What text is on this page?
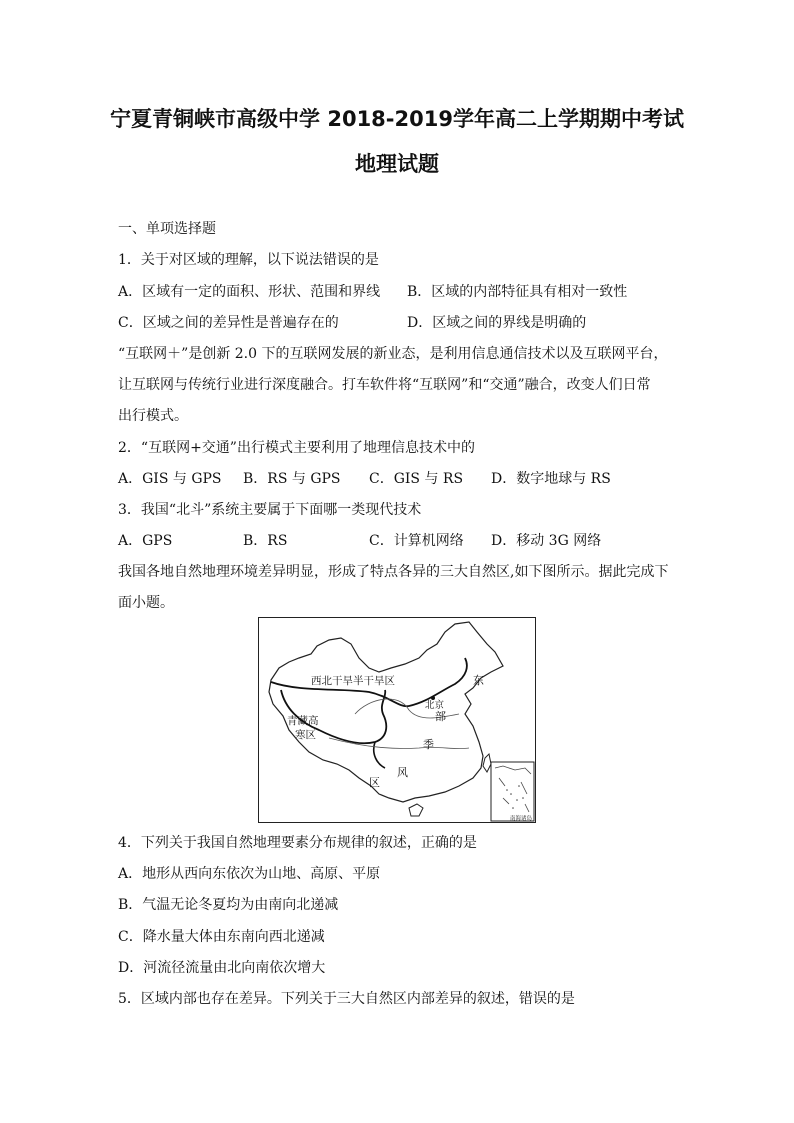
宁夏青铜峡市高级中学 2018-2019学年高二上学期期中考试
地理试题
一、单项选择题
1．关于对区域的理解，以下说法错误的是
A．区域有一定的面积、形状、范围和界线 B．区域的内部特征具有相对一致性
C．区域之间的差异性是普遍存在的	D．区域之间的界线是明确的
“互联网＋”是创新 2.0 下的互联网发展的新业态，是利用信息通信技术以及互联网平台，
让互联网与传统行业进行深度融合。打车软件将“互联网”和“交通”融合，改变人们日常
出行模式。
2．“互联网+交通”出行模式主要利用了地理信息技术中的
A．GIS 与 GPS B．RS 与 GPS C．GIS 与 RS D．数字地球与 RS
3．我国“北斗”系统主要属于下面哪一类现代技术
A．GPS	B．RS	C．计算机网络 D．移动 3G 网络
我国各地自然地理环境差异明显，形成了特点各异的三大自然区,如下图所示。据此完成下
面小题。
西北干旱半干旱区
青藏高
寒区
北京
东
部
季
风
区
南海诸岛
4．下列关于我国自然地理要素分布规律的叙述，正确的是
A．地形从西向东依次为山地、高原、平原
B．气温无论冬夏均为由南向北递减
C．降水量大体由东南向西北递减
D．河流径流量由北向南依次增大
5．区域内部也存在差异。下列关于三大自然区内部差异的叙述，错误的是
